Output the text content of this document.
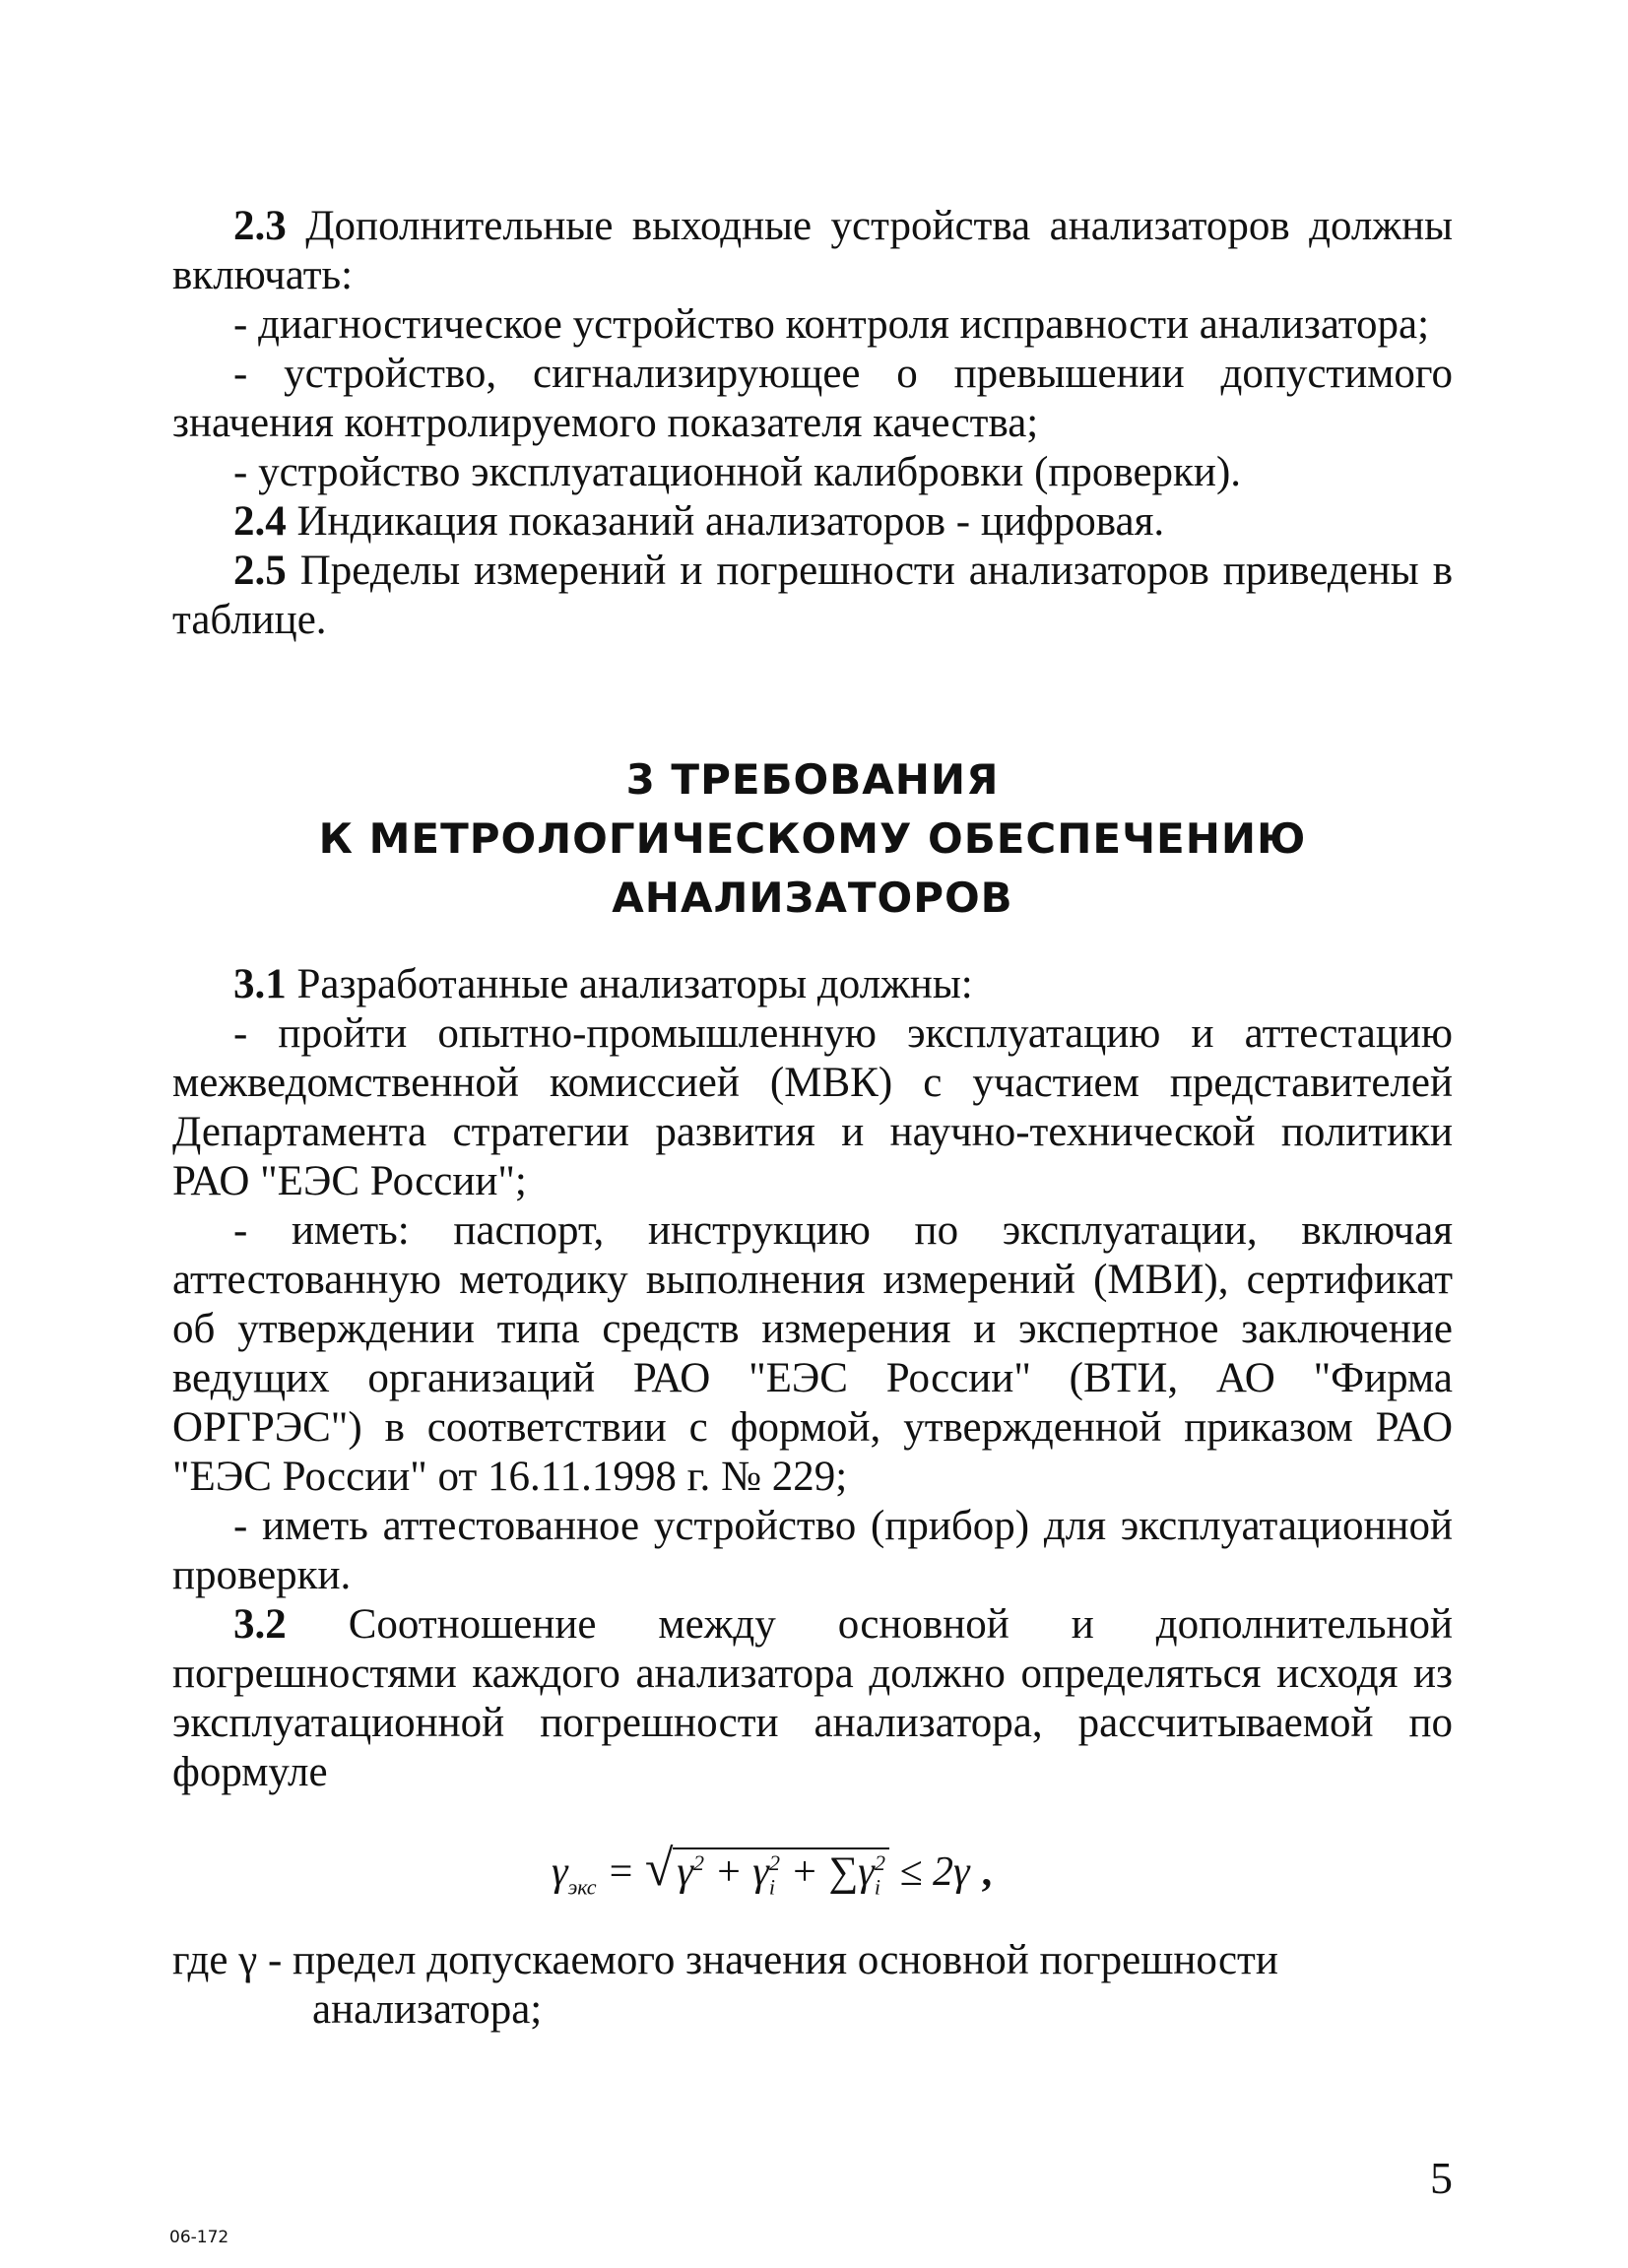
2.3 Дополнительные выходные устройства анализаторов должны включать:

- диагностическое устройство контроля исправности анализатора;

- устройство, сигнализирующее о превышении допустимого значения контролируемого показателя качества;

- устройство эксплуатационной калибровки (проверки).

2.4 Индикация показаний анализаторов - цифровая.

2.5 Пределы измерений и погрешности анализаторов приведены в таблице.

3 ТРЕБОВАНИЯ
К МЕТРОЛОГИЧЕСКОМУ ОБЕСПЕЧЕНИЮ
АНАЛИЗАТОРОВ

3.1 Разработанные анализаторы должны:

- пройти опытно-промышленную эксплуатацию и аттестацию межведомственной комиссией (МВК) с участием представителей Департамента стратегии развития и научно-технической политики РАО "ЕЭС России";

- иметь: паспорт, инструкцию по эксплуатации, включая аттестованную методику выполнения измерений (МВИ), сертификат об утверждении типа средств измерения и экспертное заключение ведущих организаций РАО "ЕЭС России" (ВТИ, АО "Фирма ОРГРЭС") в соответствии с формой, утвержденной приказом РАО "ЕЭС России" от 16.11.1998 г. № 229;

- иметь аттестованное устройство (прибор) для эксплуатационной проверки.

3.2 Соотношение между основной и дополнительной погрешностями каждого анализатора должно определяться исходя из эксплуатационной погрешности анализатора, рассчитываемой по формуле

$\gamma_{экс} = √\gamma^2 + \gamma_i^2 + \sum\gamma_i^2 \le 2\gamma$ ,
где γ - предел допускаемого значения основной погрешности
анализатора;
5
06-172
